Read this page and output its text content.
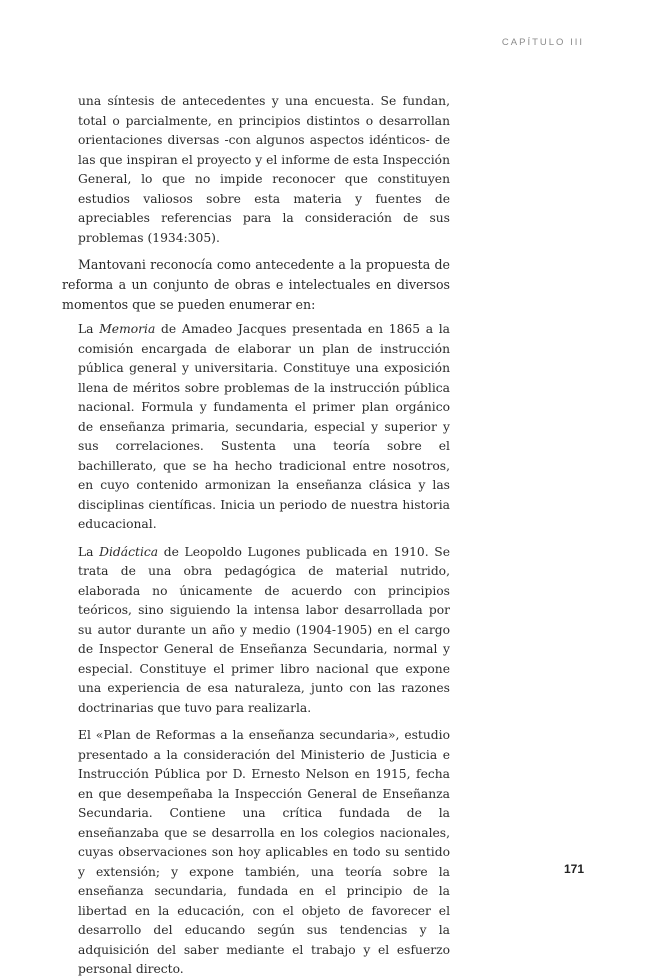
CAPÍTULO III

una síntesis de antecedentes y una encuesta. Se fundan, total o parcialmente, en principios distintos o desarrollan orientaciones diversas -con algunos aspectos idénticos- de las que inspiran el proyecto y el informe de esta Inspección General, lo que no impide reconocer que constituyen estudios valiosos sobre esta materia y fuentes de apreciables referencias para la consideración de sus problemas (1934:305).

Mantovani reconocía como antecedente a la propuesta de reforma a un conjunto de obras e intelectuales en diversos momentos que se pueden enumerar en:

La Memoria de Amadeo Jacques presentada en 1865 a la comisión encargada de elaborar un plan de instrucción pública general y universitaria. Constituye una exposición llena de méritos sobre problemas de la instrucción pública nacional. Formula y fundamenta el primer plan orgánico de enseñanza primaria, secundaria, especial y superior y sus correlaciones. Sustenta una teoría sobre el bachillerato, que se ha hecho tradicional entre nosotros, en cuyo contenido armonizan la enseñanza clásica y las disciplinas científicas. Inicia un periodo de nuestra historia educacional.

La Didáctica de Leopoldo Lugones publicada en 1910. Se trata de una obra pedagógica de material nutrido, elaborada no únicamente de acuerdo con principios teóricos, sino siguiendo la intensa labor desarrollada por su autor durante un año y medio (1904-1905) en el cargo de Inspector General de Enseñanza Secundaria, normal y especial. Constituye el primer libro nacional que expone una experiencia de esa naturaleza, junto con las razones doctrinarias que tuvo para realizarla.

El «Plan de Reformas a la enseñanza secundaria», estudio presentado a la consideración del Ministerio de Justicia e Instrucción Pública por D. Ernesto Nelson en 1915, fecha en que desempeñaba la Inspección General de Enseñanza Secundaria. Contiene una crítica fundada de la enseñanzaba que se desarrolla en los colegios nacionales, cuyas observaciones son hoy aplicables en todo su sentido y extensión; y expone también, una teoría sobre la enseñanza secundaria, fundada en el principio de la libertad en la educación, con el objeto de favorecer el desarrollo del educando según sus tendencias y la adquisición del saber mediante el trabajo y el esfuerzo personal directo.

171
